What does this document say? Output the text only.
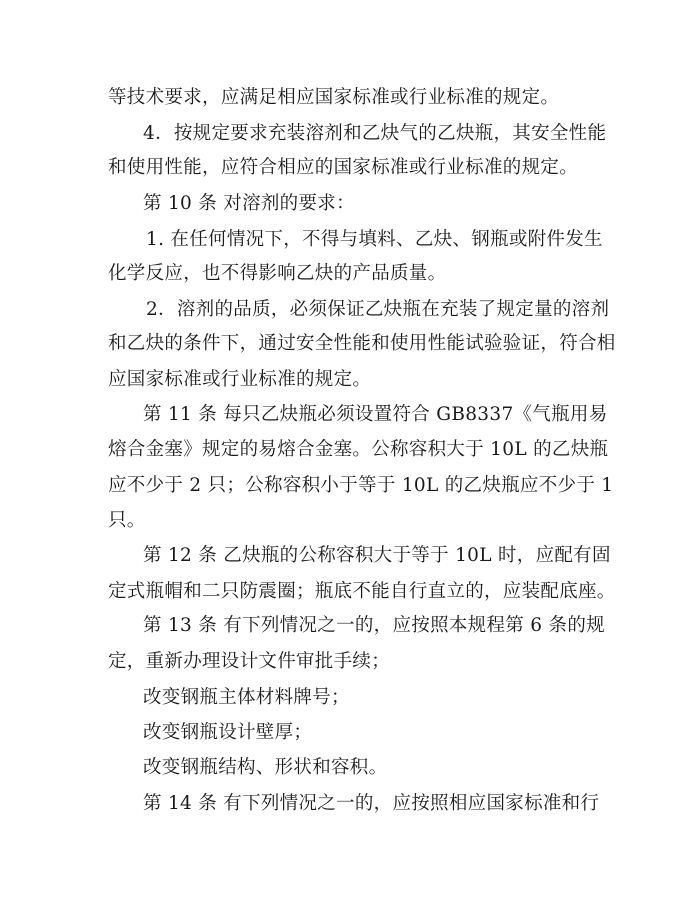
等技术要求，应满足相应国家标准或行业标准的规定。
4．按规定要求充装溶剂和乙炔气的乙炔瓶，其安全性能
和使用性能，应符合相应的国家标准或行业标准的规定。
第 10 条 对溶剂的要求：
1. 在任何情况下，不得与填料、乙炔、钢瓶或附件发生
化学反应，也不得影响乙炔的产品质量。
2．溶剂的品质，必须保证乙炔瓶在充装了规定量的溶剂
和乙炔的条件下，通过安全性能和使用性能试验验证，符合相
应国家标准或行业标准的规定。
第 11 条 每只乙炔瓶必须设置符合 GB8337《气瓶用易
熔合金塞》规定的易熔合金塞。公称容积大于 10L 的乙炔瓶
应不少于 2 只；公称容积小于等于 10L 的乙炔瓶应不少于 1
只。
第 12 条 乙炔瓶的公称容积大于等于 10L 时，应配有固
定式瓶帽和二只防震圈；瓶底不能自行直立的，应装配底座。
第 13 条 有下列情况之一的，应按照本规程第 6 条的规
定，重新办理设计文件审批手续；
改变钢瓶主体材料牌号；
改变钢瓶设计壁厚；
改变钢瓶结构、形状和容积。
第 14 条 有下列情况之一的，应按照相应国家标准和行
